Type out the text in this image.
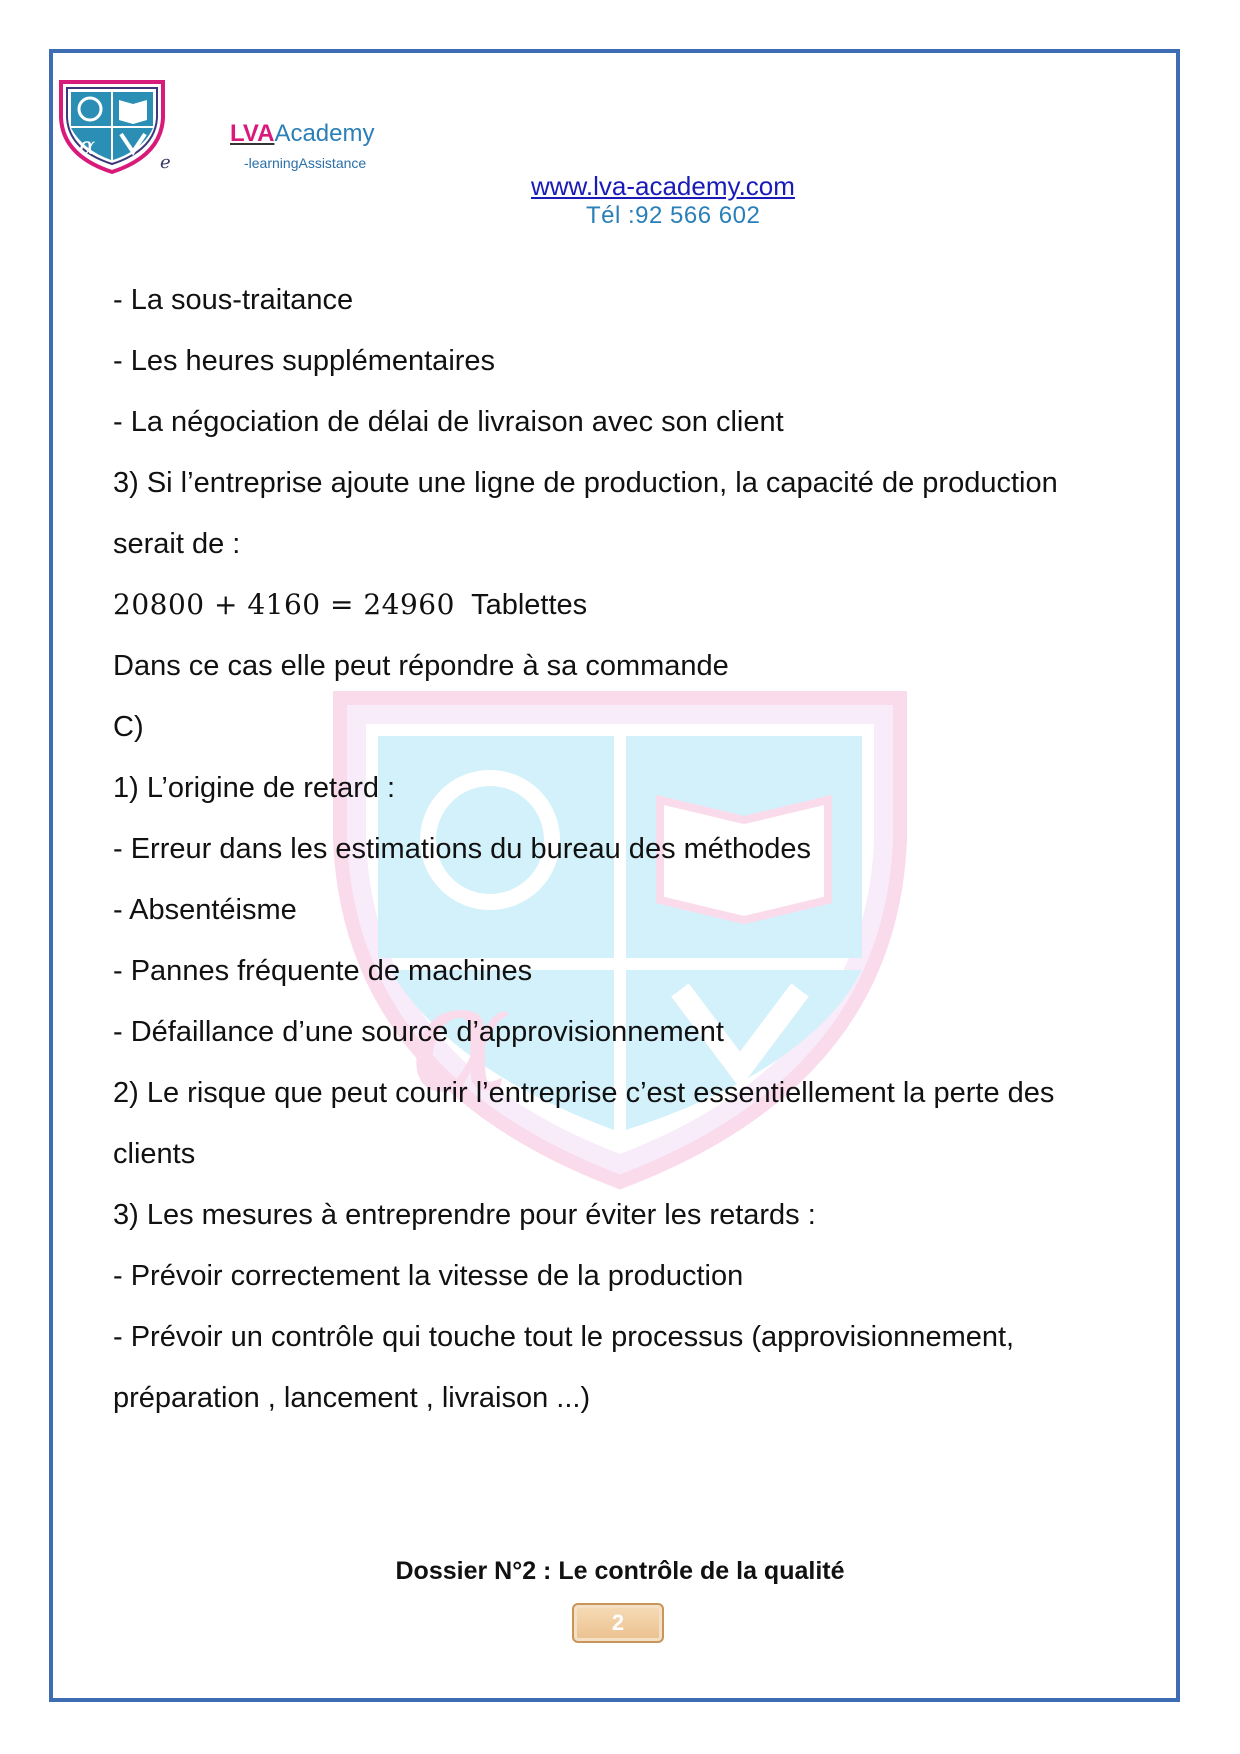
α
e
LVAAcademy
-learningAssistance
www.lva-academy.com
Tél :92 566 602
α
- La sous-traitance
- Les heures supplémentaires
- La négociation de délai de livraison avec son client
3) Si l’entreprise ajoute une ligne de production, la capacité de production
serait de :
20800 + 4160 = 24960 Tablettes
Dans ce cas elle peut répondre à sa commande
C)
1) L’origine de retard :
- Erreur dans les estimations du bureau des méthodes
- Absentéisme
- Pannes fréquente de machines
- Défaillance d’une source d’approvisionnement
2) Le risque que peut courir l’entreprise c’est essentiellement la perte des
clients
3) Les mesures à entreprendre pour éviter les retards :
- Prévoir correctement la vitesse de la production
- Prévoir un contrôle qui touche tout le processus (approvisionnement,
préparation , lancement , livraison ...)
Dossier N°2 : Le contrôle de la qualité
2
